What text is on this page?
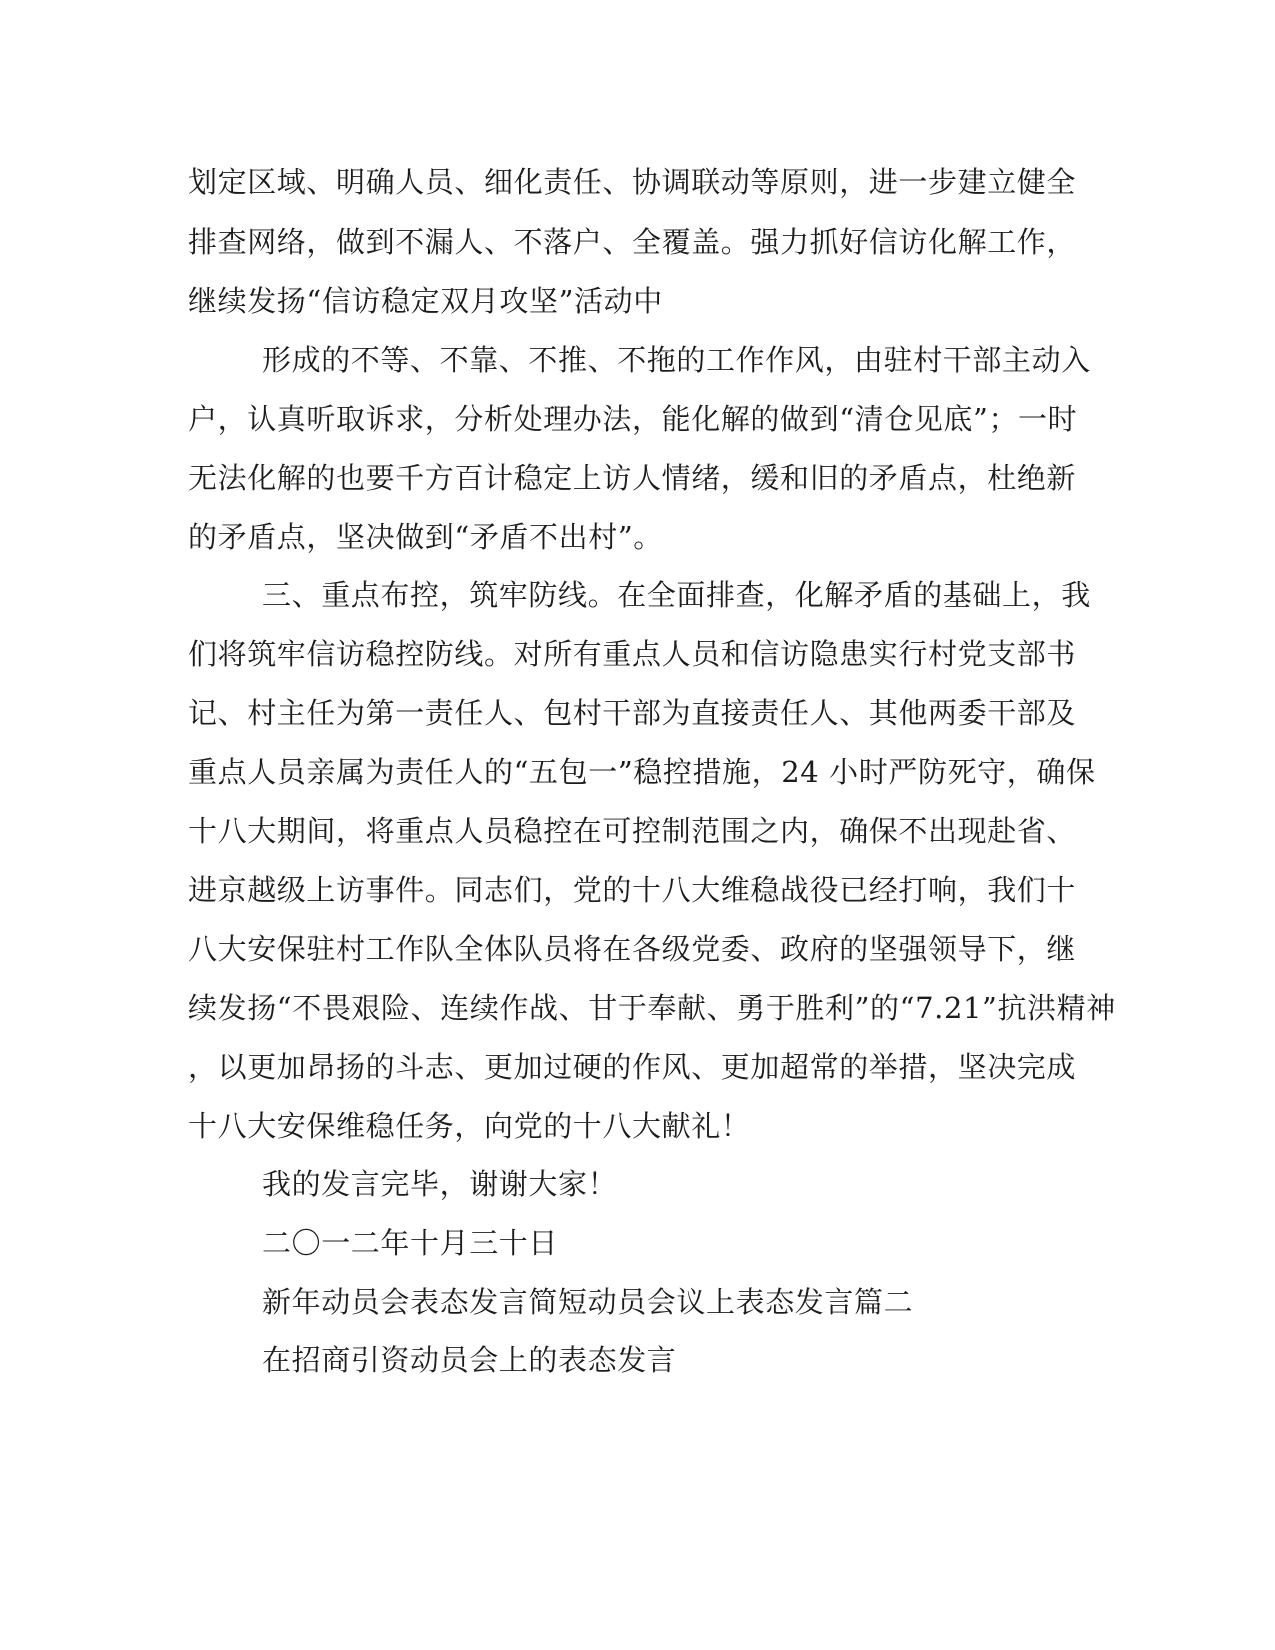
划定区域、明确人员、细化责任、协调联动等原则，进一步建立健全
排查网络，做到不漏人、不落户、全覆盖。强力抓好信访化解工作，
继续发扬“信访稳定双月攻坚”活动中
形成的不等、不靠、不推、不拖的工作作风，由驻村干部主动入
户，认真听取诉求，分析处理办法，能化解的做到“清仓见底”；一时
无法化解的也要千方百计稳定上访人情绪，缓和旧的矛盾点，杜绝新
的矛盾点，坚决做到“矛盾不出村”。
三、重点布控，筑牢防线。在全面排查，化解矛盾的基础上，我
们将筑牢信访稳控防线。对所有重点人员和信访隐患实行村党支部书
记、村主任为第一责任人、包村干部为直接责任人、其他两委干部及
重点人员亲属为责任人的“五包一”稳控措施，24 小时严防死守，确保
十八大期间，将重点人员稳控在可控制范围之内，确保不出现赴省、
进京越级上访事件。同志们，党的十八大维稳战役已经打响，我们十
八大安保驻村工作队全体队员将在各级党委、政府的坚强领导下，继
续发扬“不畏艰险、连续作战、甘于奉献、勇于胜利”的“7.21”抗洪精神
，以更加昂扬的斗志、更加过硬的作风、更加超常的举措，坚决完成
十八大安保维稳任务，向党的十八大献礼！
我的发言完毕，谢谢大家！
二〇一二年十月三十日
新年动员会表态发言简短动员会议上表态发言篇二
在招商引资动员会上的表态发言
